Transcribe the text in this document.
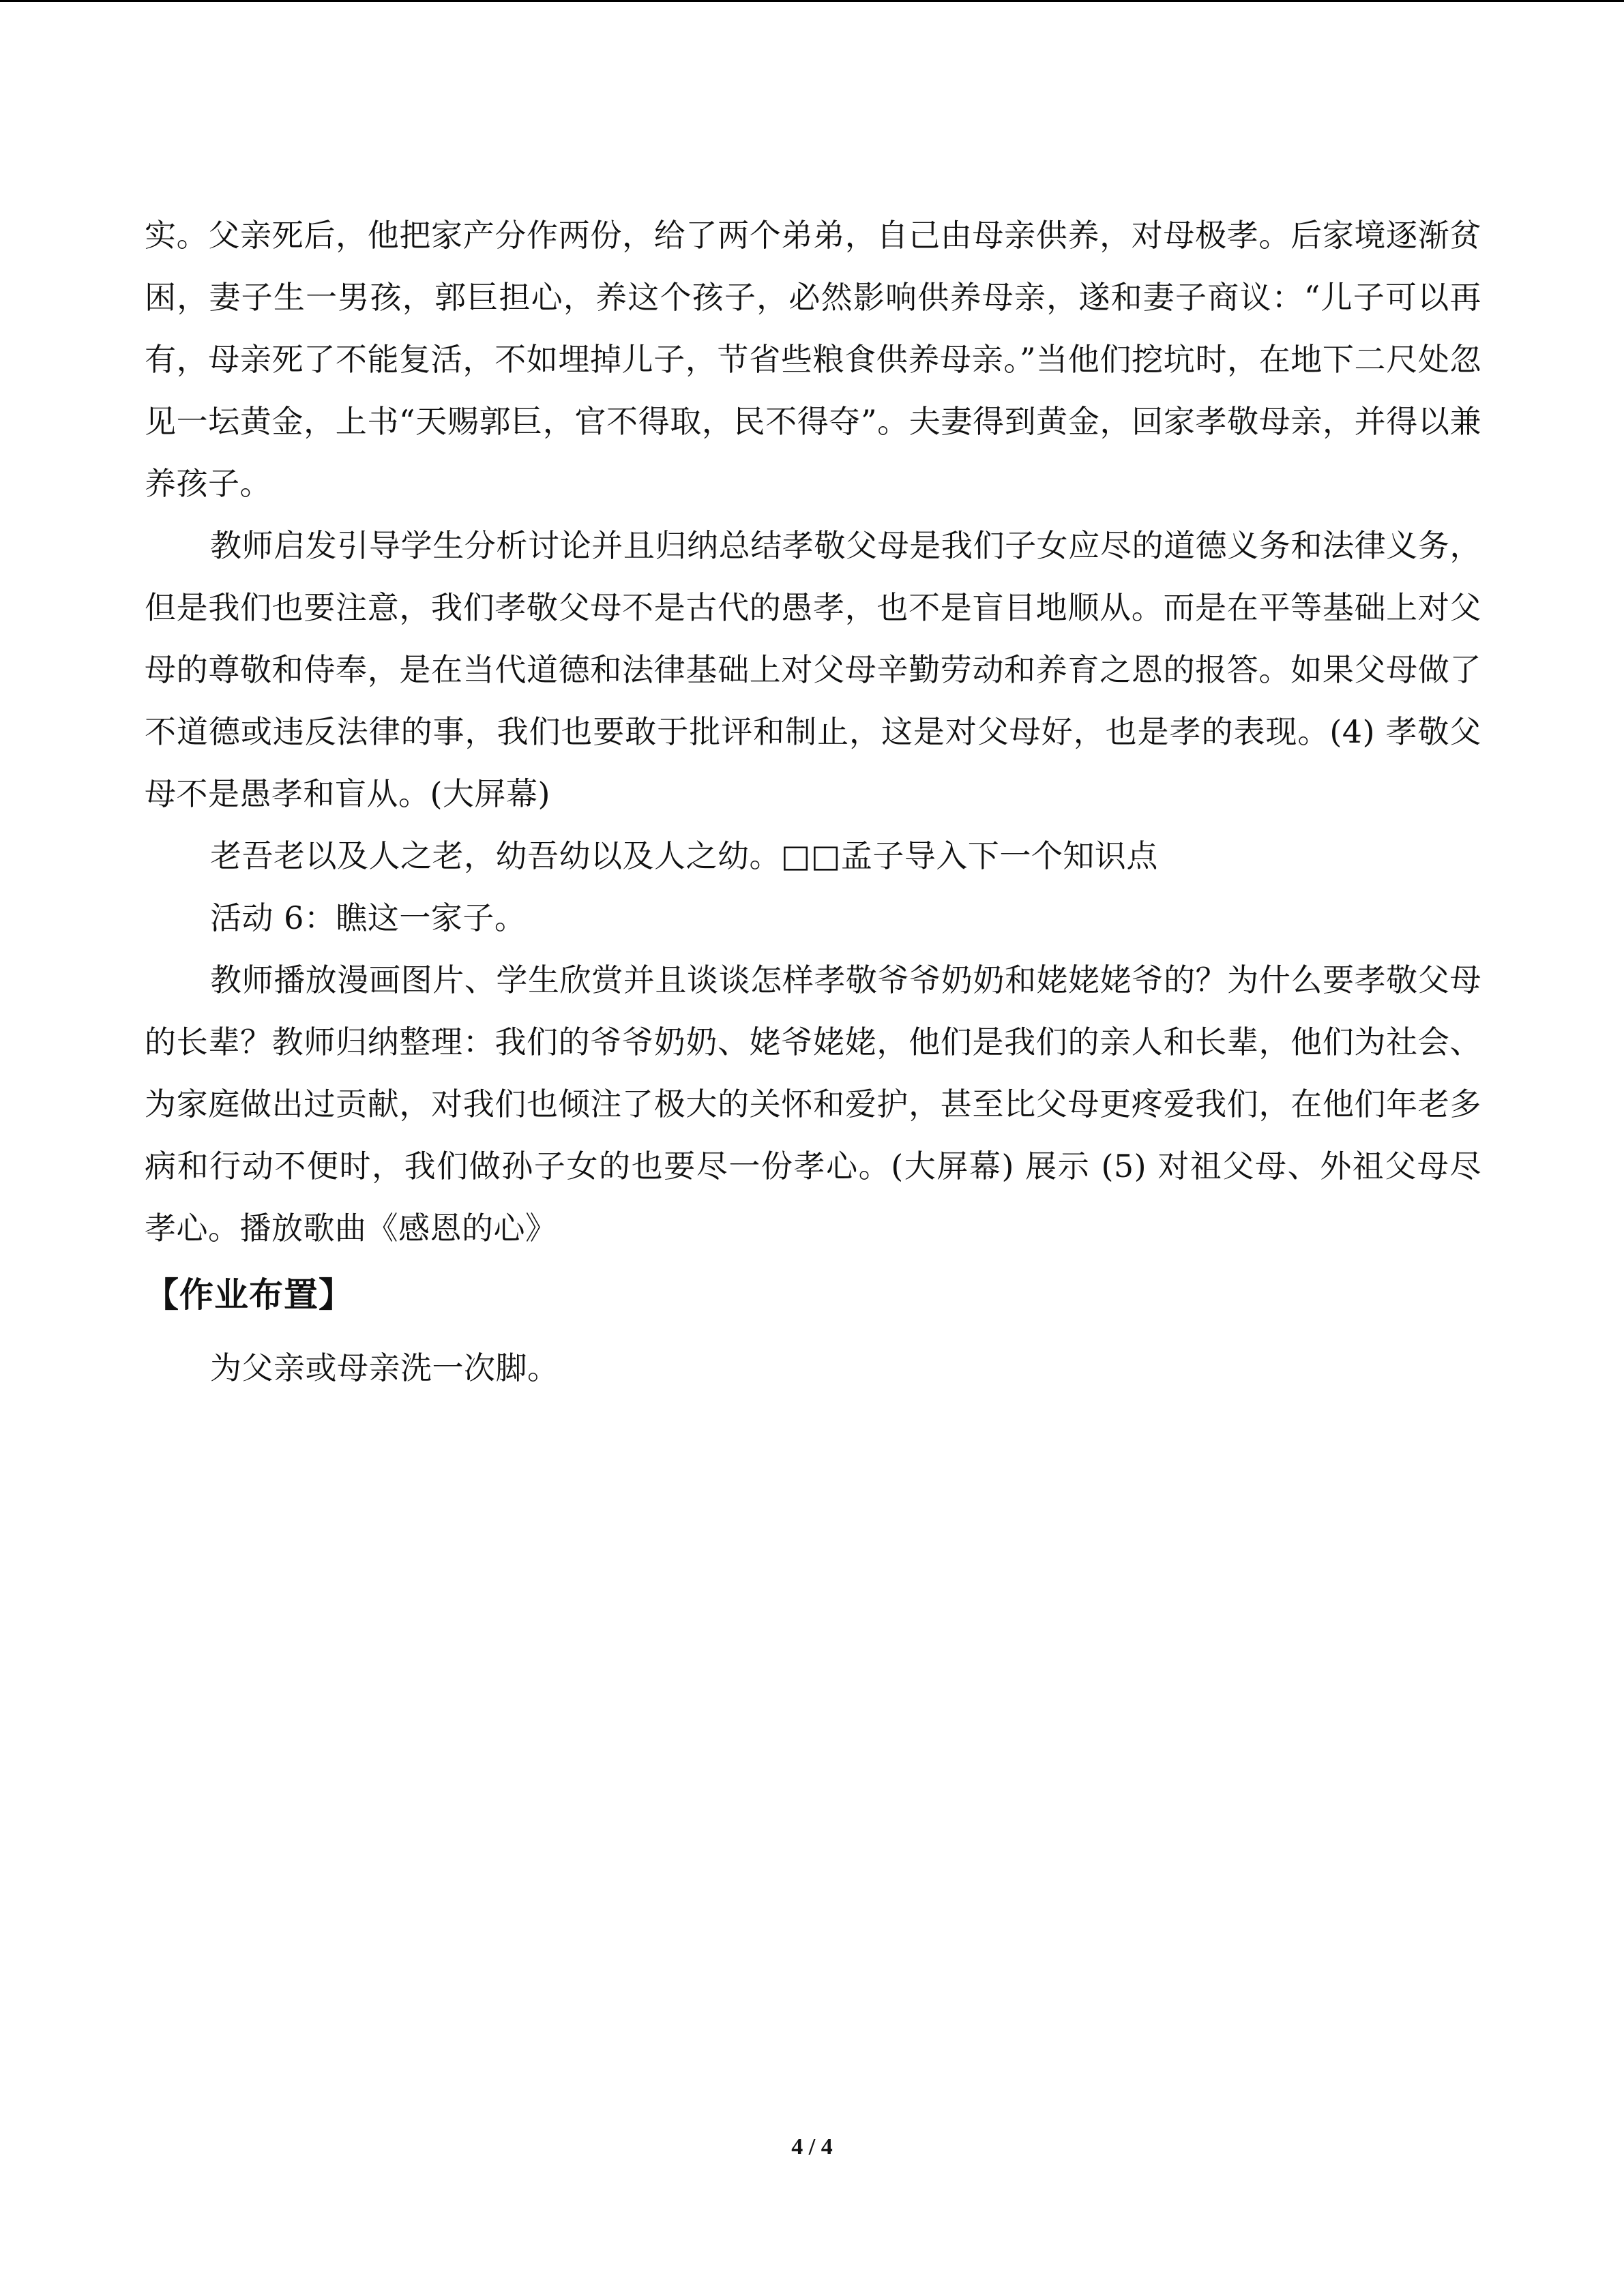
实。父亲死后，他把家产分作两份，给了两个弟弟，自己由母亲供养，对母极孝。后家境逐渐贫困，妻子生一男孩，郭巨担心，养这个孩子，必然影响供养母亲，遂和妻子商议：“儿子可以再有，母亲死了不能复活，不如埋掉儿子，节省些粮食供养母亲。”当他们挖坑时，在地下二尺处忽见一坛黄金，上书“天赐郭巨，官不得取，民不得夺”。夫妻得到黄金，回家孝敬母亲，并得以兼养孩子。

教师启发引导学生分析讨论并且归纳总结孝敬父母是我们子女应尽的道德义务和法律义务，但是我们也要注意，我们孝敬父母不是古代的愚孝，也不是盲目地顺从。而是在平等基础上对父母的尊敬和侍奉，是在当代道德和法律基础上对父母辛勤劳动和养育之恩的报答。如果父母做了不道德或违反法律的事，我们也要敢于批评和制止，这是对父母好，也是孝的表现。(4) 孝敬父母不是愚孝和盲从。(大屏幕)

老吾老以及人之老，幼吾幼以及人之幼。□□孟子导入下一个知识点

活动 6：瞧这一家子。

教师播放漫画图片、学生欣赏并且谈谈怎样孝敬爷爷奶奶和姥姥姥爷的？为什么要孝敬父母的长辈？教师归纳整理：我们的爷爷奶奶、姥爷姥姥，他们是我们的亲人和长辈，他们为社会、为家庭做出过贡献，对我们也倾注了极大的关怀和爱护，甚至比父母更疼爱我们，在他们年老多病和行动不便时，我们做孙子女的也要尽一份孝心。(大屏幕) 展示 (5) 对祖父母、外祖父母尽孝心。播放歌曲《感恩的心》

【作业布置】

为父亲或母亲洗一次脚。

4 / 4
